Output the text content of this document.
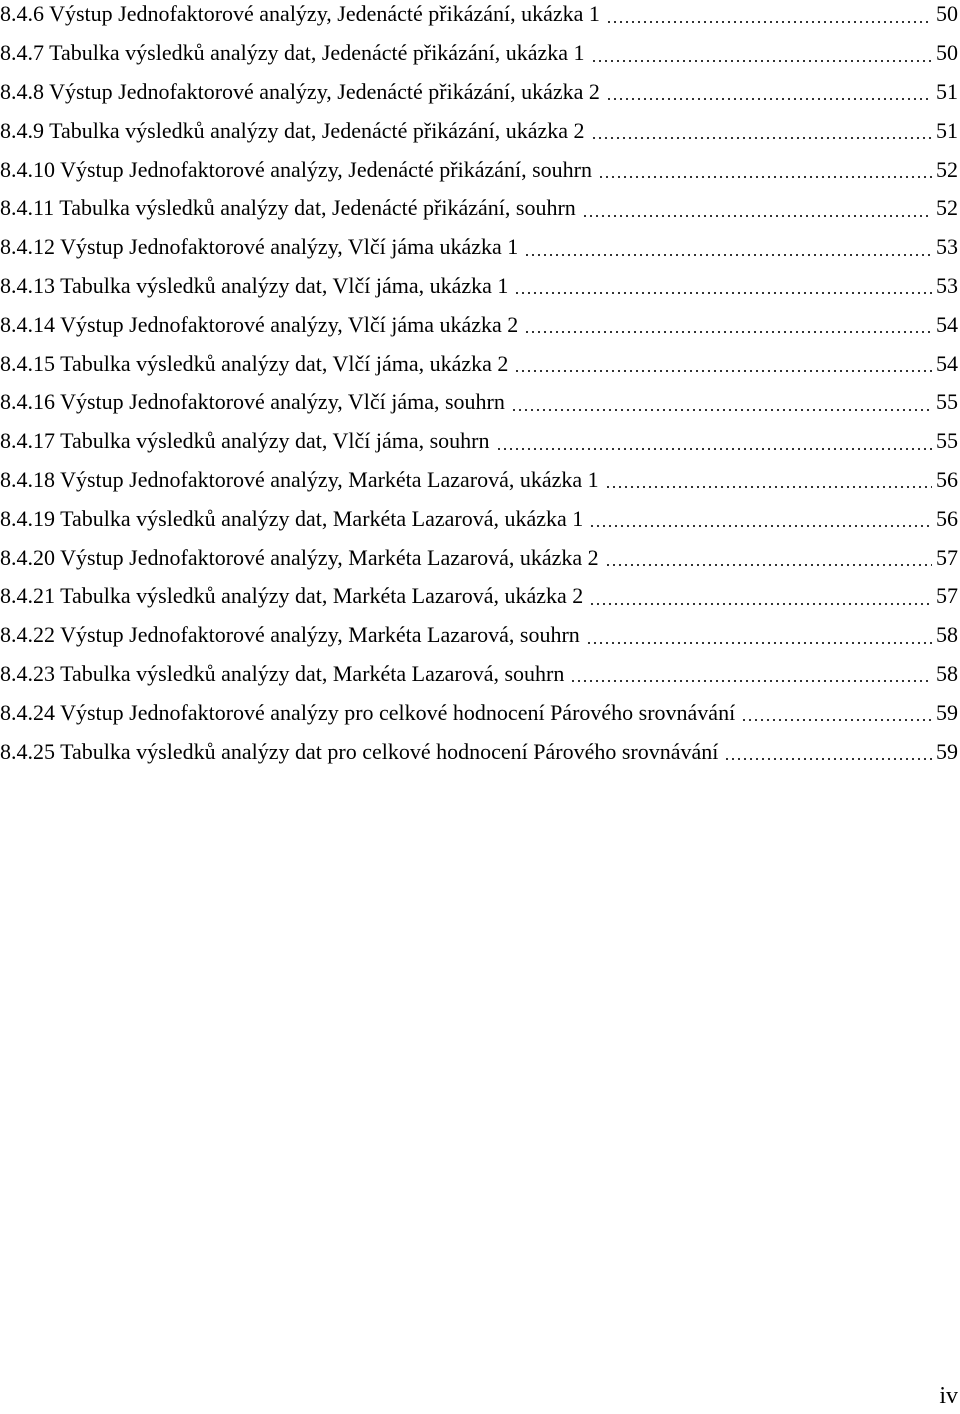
8.4.6 Výstup Jednofaktorové analýzy, Jedenácté přikázání, ukázka 1	50
8.4.7 Tabulka výsledků analýzy dat, Jedenácté přikázání, ukázka 1	50
8.4.8 Výstup Jednofaktorové analýzy, Jedenácté přikázání, ukázka 2	51
8.4.9 Tabulka výsledků analýzy dat, Jedenácté přikázání, ukázka 2	51
8.4.10 Výstup Jednofaktorové analýzy, Jedenácté přikázání, souhrn	52
8.4.11 Tabulka výsledků analýzy dat, Jedenácté přikázání, souhrn	52
8.4.12 Výstup Jednofaktorové analýzy, Vlčí jáma ukázka 1	53
8.4.13 Tabulka výsledků analýzy dat, Vlčí jáma, ukázka 1	53
8.4.14 Výstup Jednofaktorové analýzy, Vlčí jáma ukázka 2	54
8.4.15 Tabulka výsledků analýzy dat, Vlčí jáma, ukázka 2	54
8.4.16 Výstup Jednofaktorové analýzy, Vlčí jáma, souhrn	55
8.4.17 Tabulka výsledků analýzy dat, Vlčí jáma, souhrn	55
8.4.18 Výstup Jednofaktorové analýzy, Markéta Lazarová, ukázka 1	56
8.4.19 Tabulka výsledků analýzy dat, Markéta Lazarová, ukázka 1	56
8.4.20 Výstup Jednofaktorové analýzy, Markéta Lazarová, ukázka 2	57
8.4.21 Tabulka výsledků analýzy dat, Markéta Lazarová, ukázka 2	57
8.4.22 Výstup Jednofaktorové analýzy, Markéta Lazarová, souhrn	58
8.4.23 Tabulka výsledků analýzy dat, Markéta Lazarová, souhrn	58
8.4.24 Výstup Jednofaktorové analýzy pro celkové hodnocení Párového srovnávání	59
8.4.25 Tabulka výsledků analýzy dat pro celkové hodnocení Párového srovnávání	59
iv
